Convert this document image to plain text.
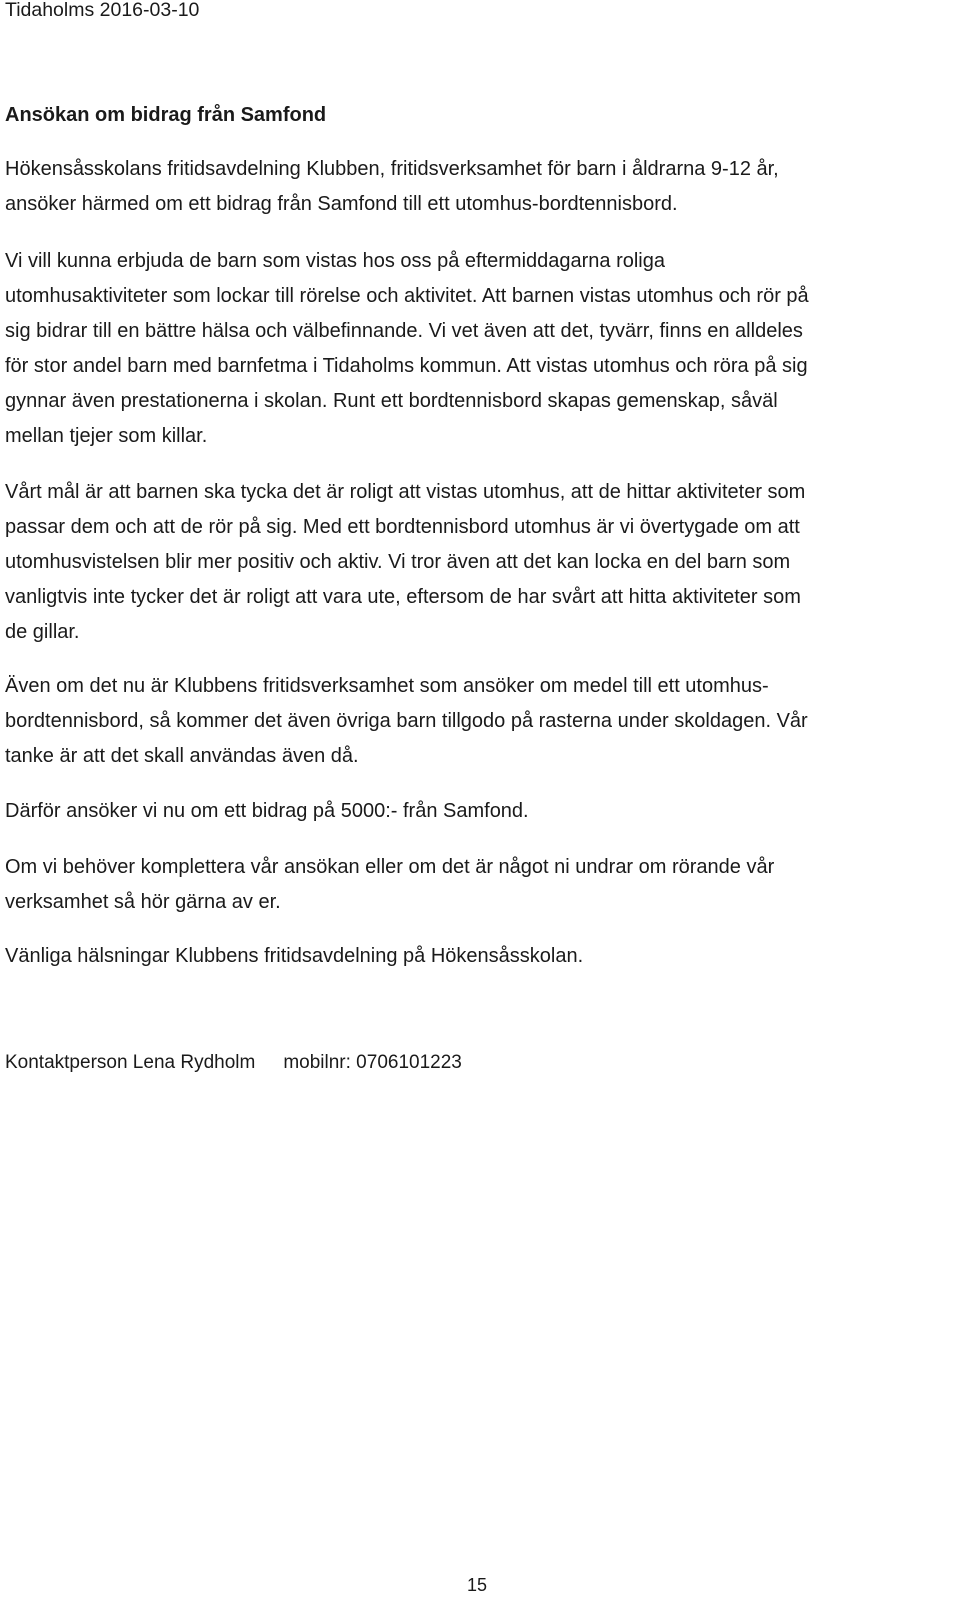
Tidaholms 2016-03-10
Ansökan om bidrag från Samfond

Hökensåsskolans fritidsavdelning Klubben, fritidsverksamhet för barn i åldrarna 9-12 år,
ansöker härmed om ett bidrag från Samfond till ett utomhus-bordtennisbord.

Vi vill kunna erbjuda de barn som vistas hos oss på eftermiddagarna roliga
utomhusaktiviteter som lockar till rörelse och aktivitet. Att barnen vistas utomhus och rör på
sig bidrar till en bättre hälsa och välbefinnande. Vi vet även att det, tyvärr, finns en alldeles
för stor andel barn med barnfetma i Tidaholms kommun. Att vistas utomhus och röra på sig
gynnar även prestationerna i skolan. Runt ett bordtennisbord skapas gemenskap, såväl
mellan tjejer som killar.

Vårt mål är att barnen ska tycka det är roligt att vistas utomhus, att de hittar aktiviteter som
passar dem och att de rör på sig. Med ett bordtennisbord utomhus är vi övertygade om att
utomhusvistelsen blir mer positiv och aktiv. Vi tror även att det kan locka en del barn som
vanligtvis inte tycker det är roligt att vara ute, eftersom de har svårt att hitta aktiviteter som
de gillar.

Även om det nu är Klubbens fritidsverksamhet som ansöker om medel till ett utomhus-
bordtennisbord, så kommer det även övriga barn tillgodo på rasterna under skoldagen. Vår
tanke är att det skall användas även då.

Därför ansöker vi nu om ett bidrag på 5000:- från Samfond.

Om vi behöver komplettera vår ansökan eller om det är något ni undrar om rörande vår
verksamhet så hör gärna av er.

Vänliga hälsningar Klubbens fritidsavdelning på Hökensåsskolan.

Kontaktperson Lena Rydholm mobilnr: 0706101223
15
